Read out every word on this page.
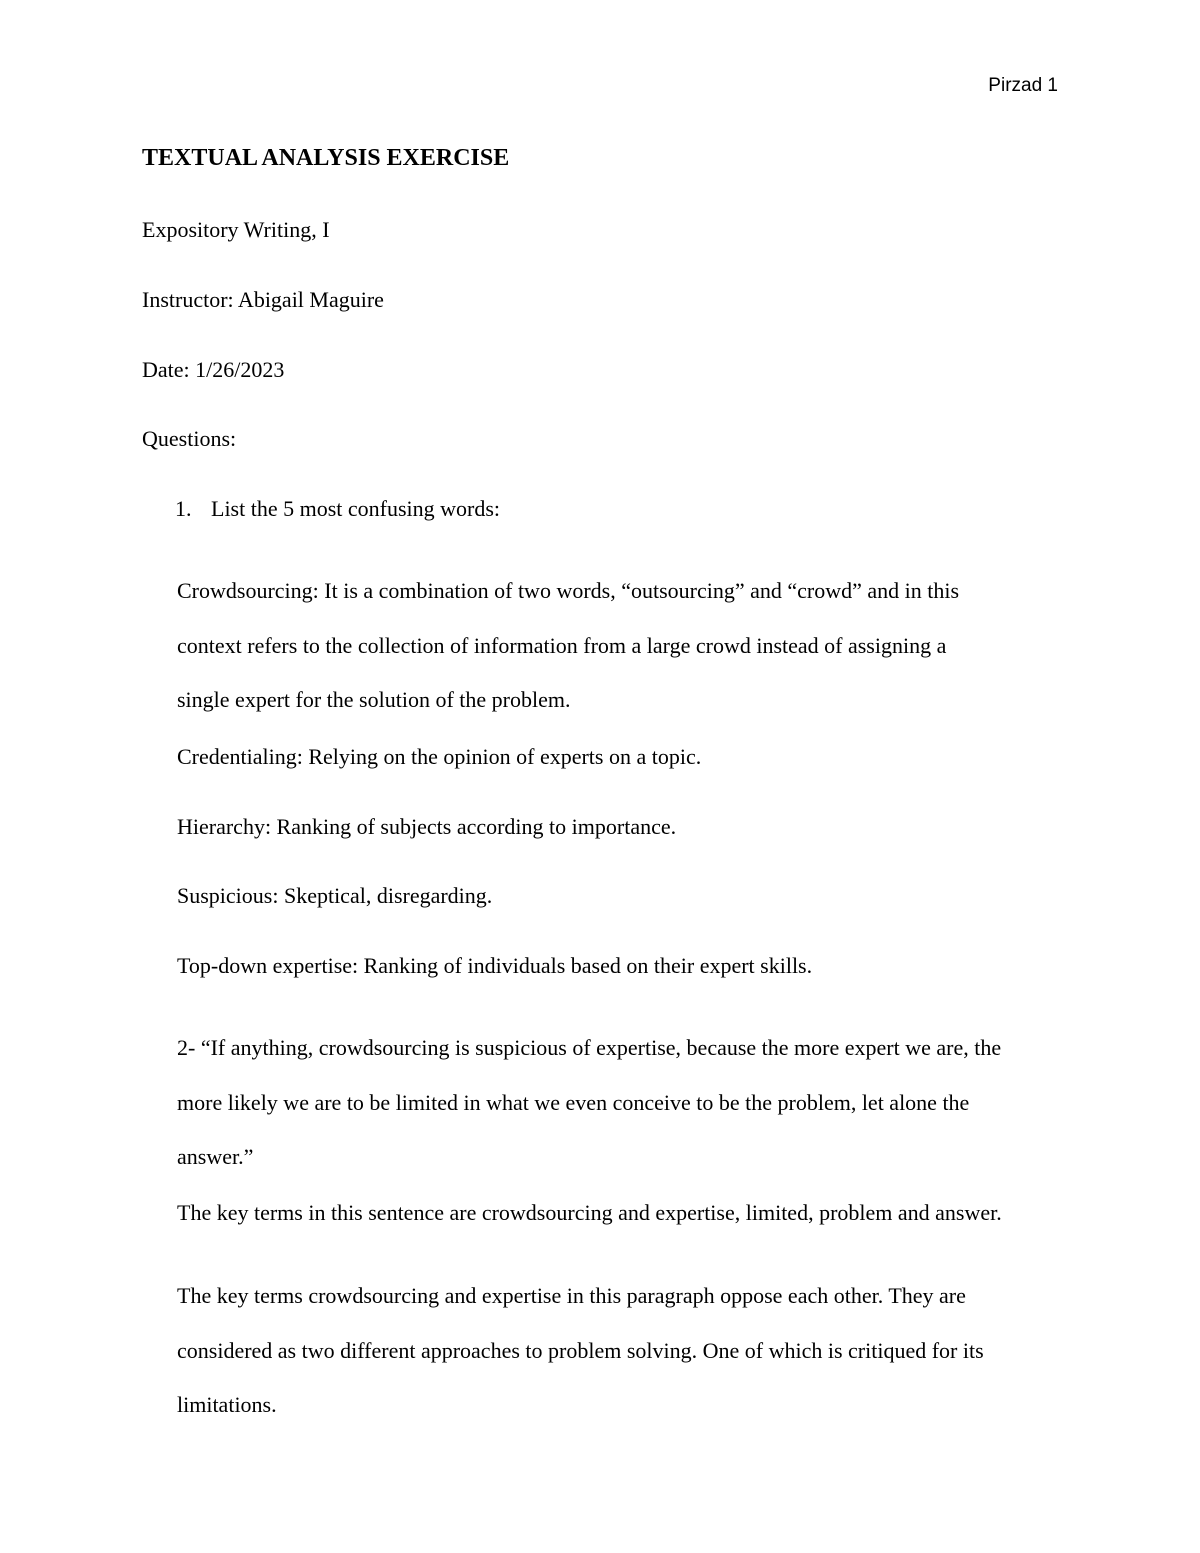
Pirzad 1
TEXTUAL ANALYSIS EXERCISE
Expository Writing, I
Instructor: Abigail Maguire
Date: 1/26/2023
Questions:
1. List the 5 most confusing words:
Crowdsourcing: It is a combination of two words, “outsourcing” and “crowd” and in this
context refers to the collection of information from a large crowd instead of assigning a
single expert for the solution of the problem.
Credentialing: Relying on the opinion of experts on a topic.
Hierarchy: Ranking of subjects according to importance.
Suspicious: Skeptical, disregarding.
Top-down expertise: Ranking of individuals based on their expert skills.
2- “If anything, crowdsourcing is suspicious of expertise, because the more expert we are, the
more likely we are to be limited in what we even conceive to be the problem, let alone the
answer.”
The key terms in this sentence are crowdsourcing and expertise, limited, problem and answer.
The key terms crowdsourcing and expertise in this paragraph oppose each other. They are
considered as two different approaches to problem solving. One of which is critiqued for its
limitations.
